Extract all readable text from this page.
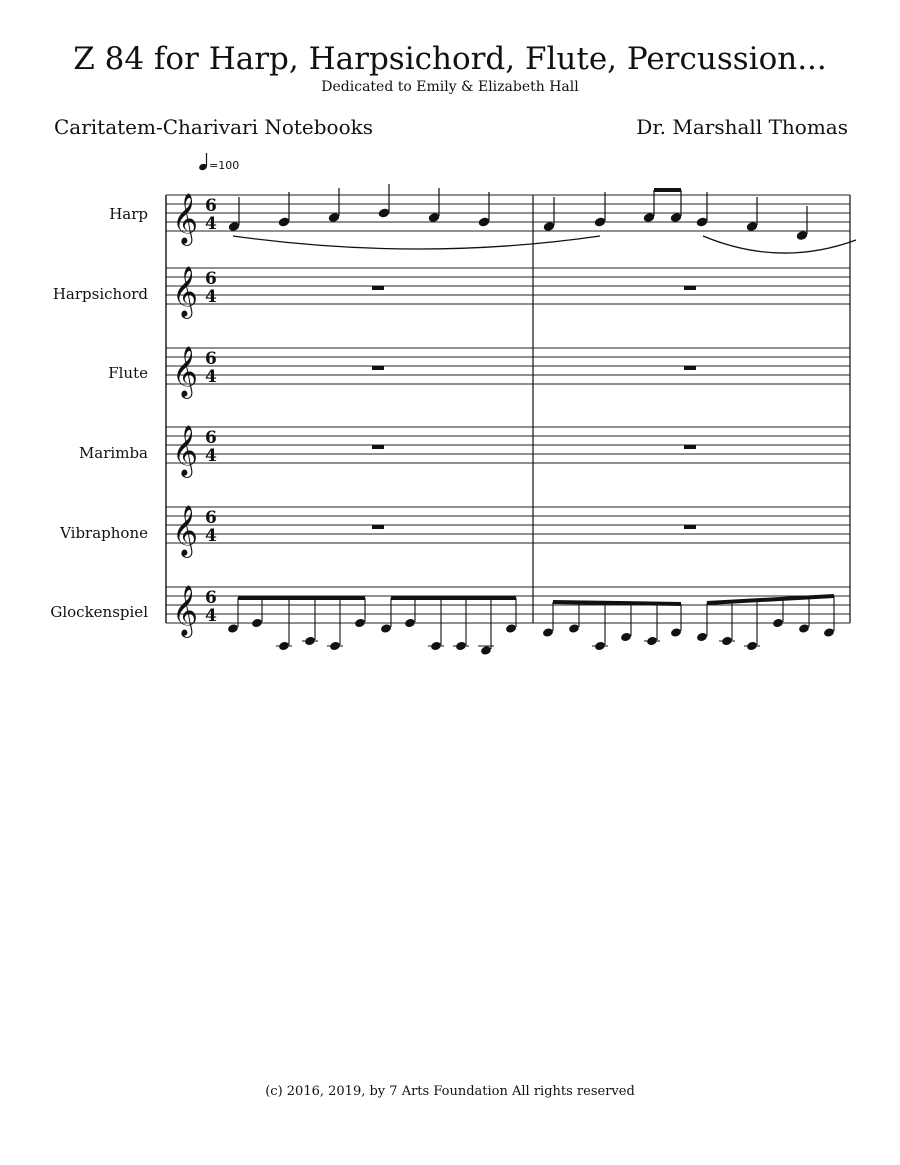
Z 84 for Harp, Harpsichord, Flute, Percussion...
Dedicated to Emily & Elizabeth Hall
Caritatem-Charivari Notebooks	Dr. Marshall Thomas
=100
Harp
Harpsichord
Flute
Marimba
Vibraphone
Glockenspiel
𝄞
𝄞
𝄞
𝄞
𝄞
𝄞
6
4
6
4
6
4
6
4
6
4
6
4
(c) 2016, 2019, by 7 Arts Foundation All rights reserved
